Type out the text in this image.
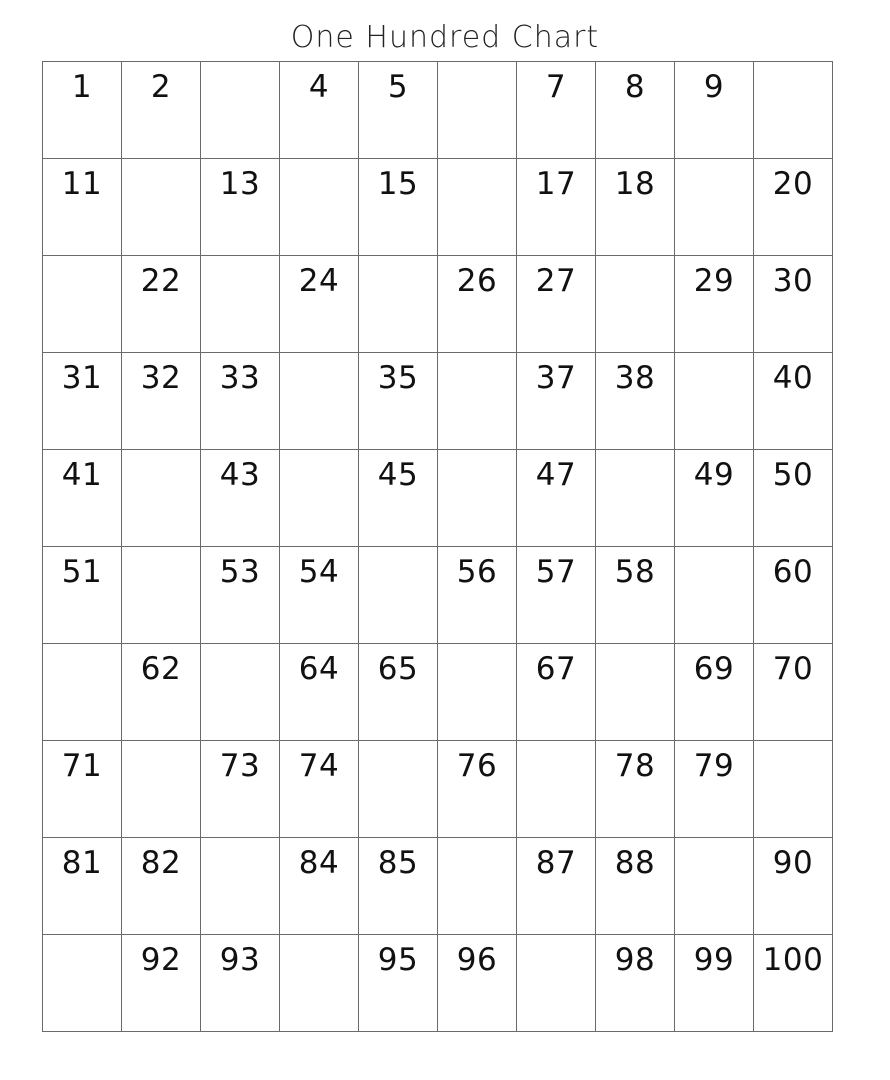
One Hundred Chart
1	2		4	5		7	8	9	

11		13		15		17	18		20

	22		24		26	27		29	30

31	32	33		35		37	38		40

41		43		45		47		49	50

51		53	54		56	57	58		60

	62		64	65		67		69	70

71		73	74		76		78	79	

81	82		84	85		87	88		90

	92	93		95	96		98	99	100
